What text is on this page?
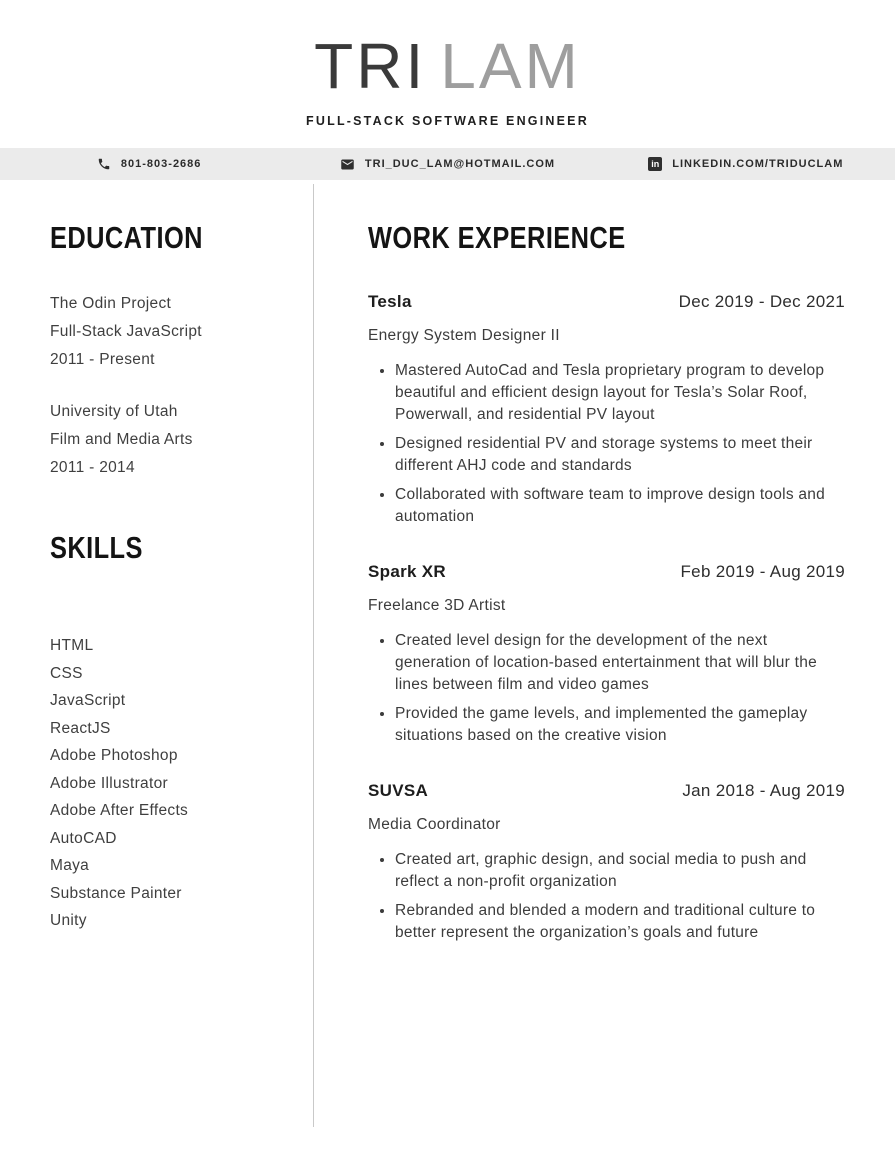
TRI LAM
FULL-STACK SOFTWARE ENGINEER
801-803-2686	TRI_DUC_LAM@HOTMAIL.COM	in LINKEDIN.COM/TRIDUCLAM
EDUCATION
The Odin Project
Full-Stack JavaScript
2011 - Present
University of Utah
Film and Media Arts
2011 - 2014
SKILLS
HTML
CSS
JavaScript
ReactJS
Adobe Photoshop
Adobe Illustrator
Adobe After Effects
AutoCAD
Maya
Substance Painter
Unity
WORK EXPERIENCE
Tesla	Dec 2019 - Dec 2021
Energy System Designer II
• Mastered AutoCad and Tesla proprietary program to develop beautiful and efficient design layout for Tesla’s Solar Roof, Powerwall, and residential PV layout
• Designed residential PV and storage systems to meet their different AHJ code and standards
• Collaborated with software team to improve design tools and automation
Spark XR	Feb 2019 - Aug 2019
Freelance 3D Artist
• Created level design for the development of the next generation of location-based entertainment that will blur the lines between film and video games
• Provided the game levels, and implemented the gameplay situations based on the creative vision
SUVSA	Jan 2018 - Aug 2019
Media Coordinator
• Created art, graphic design, and social media to push and reflect a non-profit organization
• Rebranded and blended a modern and traditional culture to better represent the organization’s goals and future
